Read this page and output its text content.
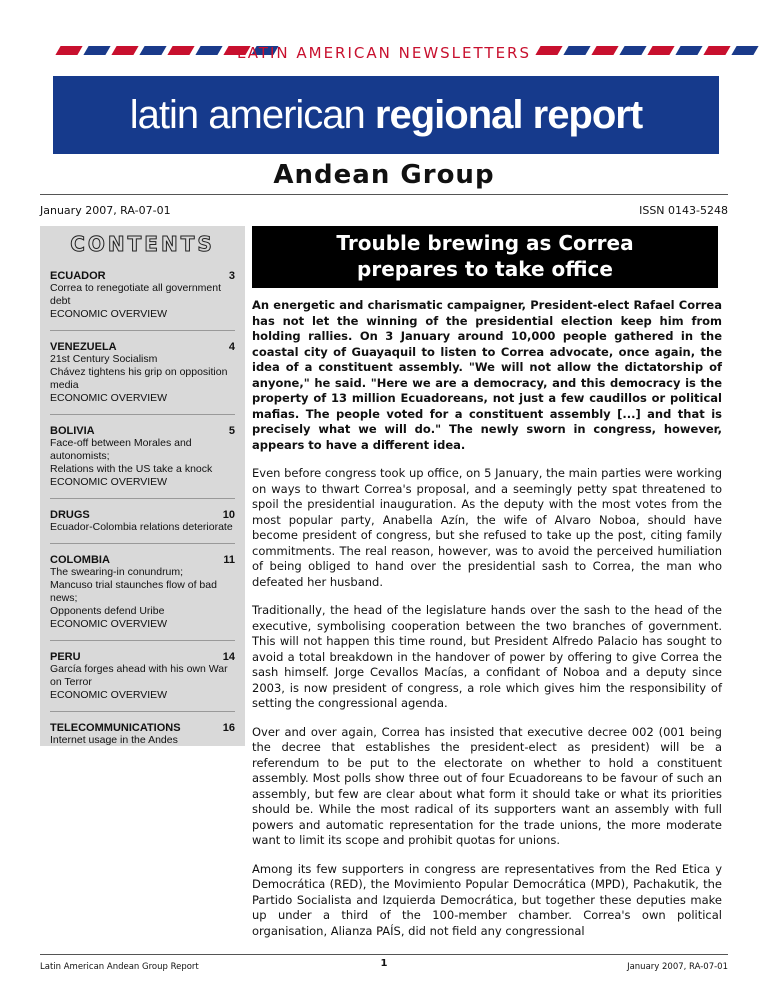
LATIN AMERICAN NEWSLETTERS
latin american regional report
Andean Group
January 2007, RA-07-01	ISSN 0143-5248
CONTENTS
ECUADOR	3
Correa to renegotiate all government debt
ECONOMIC OVERVIEW
VENEZUELA	4
21st Century Socialism
Chávez tightens his grip on opposition media
ECONOMIC OVERVIEW
BOLIVIA	5
Face-off between Morales and autonomists;
Relations with the US take a knock
ECONOMIC OVERVIEW
DRUGS	10
Ecuador-Colombia relations deteriorate
COLOMBIA	11
The swearing-in conundrum;
Mancuso trial staunches flow of bad news;
Opponents defend Uribe
ECONOMIC OVERVIEW
PERU	14
García forges ahead with his own War on Terror
ECONOMIC OVERVIEW
TELECOMMUNICATIONS	16
Internet usage in the Andes
Trouble brewing as Correa
prepares to take office

An energetic and charismatic campaigner, President-elect Rafael Correa has not let the winning of the presidential election keep him from holding rallies. On 3 January around 10,000 people gathered in the coastal city of Guayaquil to listen to Correa advocate, once again, the idea of a constituent assembly. "We will not allow the dictatorship of anyone," he said. "Here we are a democracy, and this democracy is the property of 13 million Ecuadoreans, not just a few caudillos or political mafias. The people voted for a constituent assembly [...] and that is precisely what we will do." The newly sworn in congress, however, appears to have a different idea.

Even before congress took up office, on 5 January, the main parties were working on ways to thwart Correa's proposal, and a seemingly petty spat threatened to spoil the presidential inauguration. As the deputy with the most votes from the most popular party, Anabella Azín, the wife of Alvaro Noboa, should have become president of congress, but she refused to take up the post, citing family commitments. The real reason, however, was to avoid the perceived humiliation of being obliged to hand over the presidential sash to Correa, the man who defeated her husband.

Traditionally, the head of the legislature hands over the sash to the head of the executive, symbolising cooperation between the two branches of government. This will not happen this time round, but President Alfredo Palacio has sought to avoid a total breakdown in the handover of power by offering to give Correa the sash himself. Jorge Cevallos Macías, a confidant of Noboa and a deputy since 2003, is now president of congress, a role which gives him the responsibility of setting the congressional agenda.

Over and over again, Correa has insisted that executive decree 002 (001 being the decree that establishes the president-elect as president) will be a referendum to be put to the electorate on whether to hold a constituent assembly. Most polls show three out of four Ecuadoreans to be favour of such an assembly, but few are clear about what form it should take or what its priorities should be. While the most radical of its supporters want an assembly with full powers and automatic representation for the trade unions, the more moderate want to limit its scope and prohibit quotas for unions.

Among its few supporters in congress are representatives from the Red Etica y Democrática (RED), the Movimiento Popular Democrática (MPD), Pachakutik, the Partido Socialista and Izquierda Democrática, but together these deputies make up under a third of the 100-member chamber. Correa's own political organisation, Alianza PAÍS, did not field any congressional

Latin American Andean Group Report	1	January 2007, RA-07-01
